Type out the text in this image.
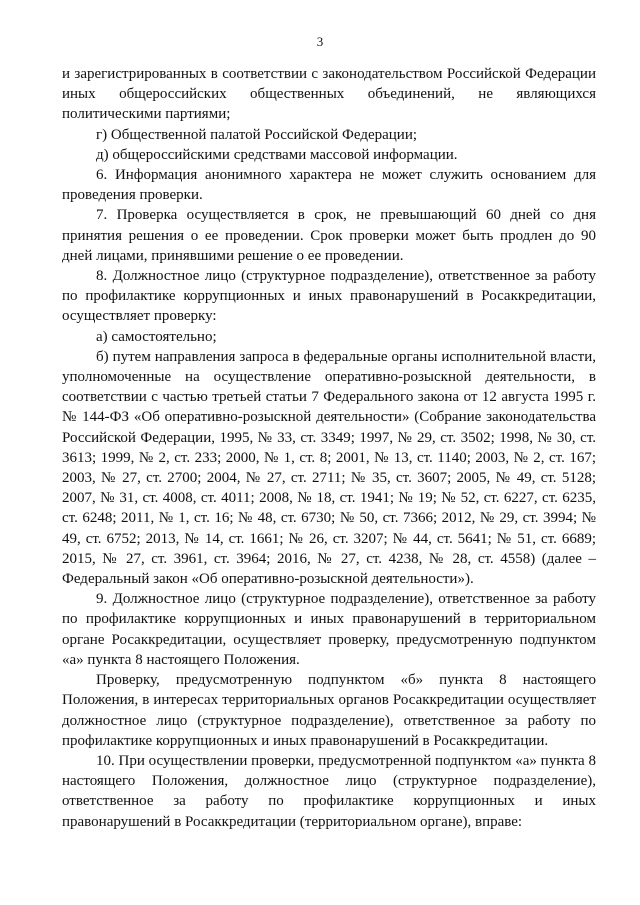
3

и зарегистрированных в соответствии с законодательством Российской Федерации иных общероссийских общественных объединений, не являющихся политическими партиями;

г) Общественной палатой Российской Федерации;

д) общероссийскими средствами массовой информации.

6. Информация анонимного характера не может служить основанием для проведения проверки.

7. Проверка осуществляется в срок, не превышающий 60 дней со дня принятия решения о ее проведении. Срок проверки может быть продлен до 90 дней лицами, принявшими решение о ее проведении.

8. Должностное лицо (структурное подразделение), ответственное за работу по профилактике коррупционных и иных правонарушений в Росаккредитации, осуществляет проверку:

а) самостоятельно;

б) путем направления запроса в федеральные органы исполнительной власти, уполномоченные на осуществление оперативно-розыскной деятельности, в соответствии с частью третьей статьи 7 Федерального закона от 12 августа 1995 г. № 144-ФЗ «Об оперативно-розыскной деятельности» (Собрание законодательства Российской Федерации, 1995, № 33, ст. 3349; 1997, № 29, ст. 3502; 1998, № 30, ст. 3613; 1999, № 2, ст. 233; 2000, № 1, ст. 8; 2001, № 13, ст. 1140; 2003, № 2, ст. 167; 2003, № 27, ст. 2700; 2004, № 27, ст. 2711; № 35, ст. 3607; 2005, № 49, ст. 5128; 2007, № 31, ст. 4008, ст. 4011; 2008, № 18, ст. 1941; № 19; № 52, ст. 6227, ст. 6235, ст. 6248; 2011, № 1, ст. 16; № 48, ст. 6730; № 50, ст. 7366; 2012, № 29, ст. 3994; № 49, ст. 6752; 2013, № 14, ст. 1661; № 26, ст. 3207; № 44, ст. 5641; № 51, ст. 6689; 2015, № 27, ст. 3961, ст. 3964; 2016, № 27, ст. 4238, № 28, ст. 4558) (далее – Федеральный закон «Об оперативно-розыскной деятельности»).

9. Должностное лицо (структурное подразделение), ответственное за работу по профилактике коррупционных и иных правонарушений в территориальном органе Росаккредитации, осуществляет проверку, предусмотренную подпунктом «а» пункта 8 настоящего Положения.

Проверку, предусмотренную подпунктом «б» пункта 8 настоящего Положения, в интересах территориальных органов Росаккредитации осуществляет должностное лицо (структурное подразделение), ответственное за работу по профилактике коррупционных и иных правонарушений в Росаккредитации.

10. При осуществлении проверки, предусмотренной подпунктом «а» пункта 8 настоящего Положения, должностное лицо (структурное подразделение), ответственное за работу по профилактике коррупционных и иных правонарушений в Росаккредитации (территориальном органе), вправе:
